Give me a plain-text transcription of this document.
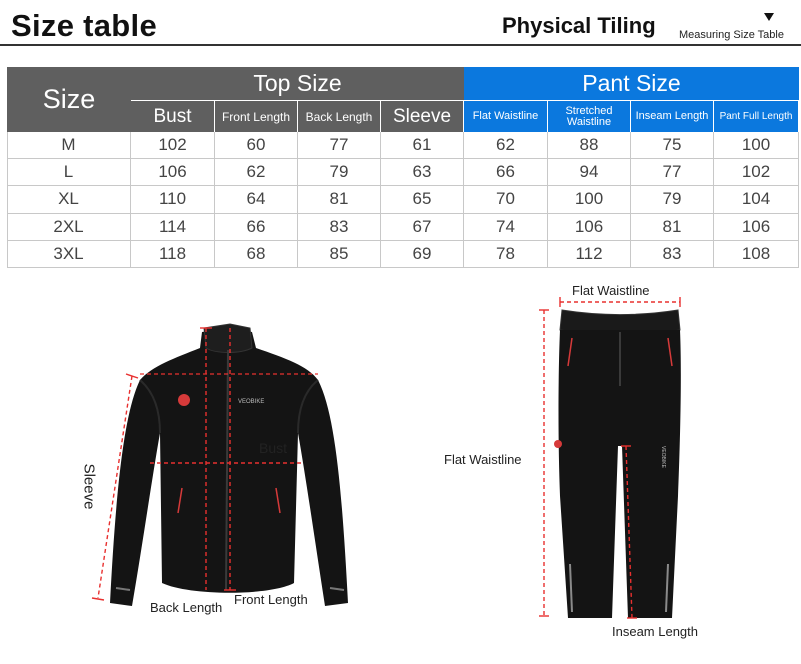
Size table	Physical Tiling Measuring Size Table
Size
Top Size	Pant Size
Bust	Front Length	Back Length	Sleeve	Flat Waistline	Stretched Waistline	Inseam Length	Pant Full Length
M	102	60	77	61	62	88	75	100
L	106	62	79	63	66	94	77	102
XL	110	64	81	65	70	100	79	104
2XL	114	66	83	67	74	106	81	106
3XL	118	68	85	69	78	112	83	108
VEOBIKE
Bust
Sleeve
Back Length
Front Length
VEOBIKE
Flat Waistline
Flat Waistline
Inseam Length
